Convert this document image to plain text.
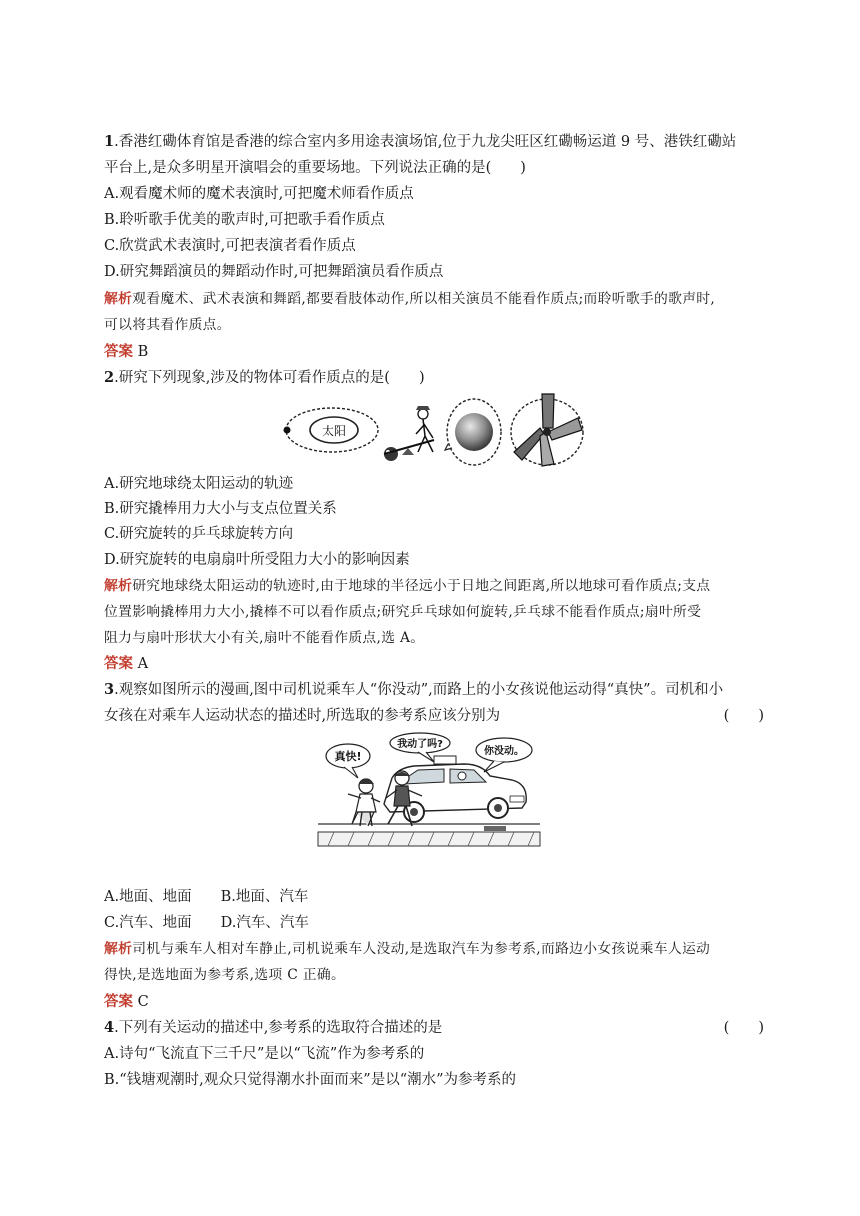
1.香港红磡体育馆是香港的综合室内多用途表演场馆,位于九龙尖旺区红磡畅运道 9 号、港铁红磡站
平台上,是众多明星开演唱会的重要场地。下列说法正确的是(　　)
A.观看魔术师的魔术表演时,可把魔术师看作质点
B.聆听歌手优美的歌声时,可把歌手看作质点
C.欣赏武术表演时,可把表演者看作质点
D.研究舞蹈演员的舞蹈动作时,可把舞蹈演员看作质点
解析观看魔术、武术表演和舞蹈,都要看肢体动作,所以相关演员不能看作质点;而聆听歌手的歌声时,
可以将其看作质点。
答案 B
2.研究下列现象,涉及的物体可看作质点的是(　　)
太阳
A.研究地球绕太阳运动的轨迹
B.研究撬棒用力大小与支点位置关系
C.研究旋转的乒乓球旋转方向
D.研究旋转的电扇扇叶所受阻力大小的影响因素
解析研究地球绕太阳运动的轨迹时,由于地球的半径远小于日地之间距离,所以地球可看作质点;支点
位置影响撬棒用力大小,撬棒不可以看作质点;研究乒乓球如何旋转,乒乓球不能看作质点;扇叶所受
阻力与扇叶形状大小有关,扇叶不能看作质点,选 A。
答案 A
3.观察如图所示的漫画,图中司机说乘车人“你没动”,而路上的小女孩说他运动得“真快”。司机和小
女孩在对乘车人运动状态的描述时,所选取的参考系应该分别为	(　　)
真快!
我动了吗?
你没动。
A.地面、地面　　B.地面、汽车
C.汽车、地面　　D.汽车、汽车
解析司机与乘车人相对车静止,司机说乘车人没动,是选取汽车为参考系,而路边小女孩说乘车人运动
得快,是选地面为参考系,选项 C 正确。
答案 C
4.下列有关运动的描述中,参考系的选取符合描述的是	(　　)
A.诗句“飞流直下三千尺”是以“飞流”作为参考系的
B.“钱塘观潮时,观众只觉得潮水扑面而来”是以“潮水”为参考系的
